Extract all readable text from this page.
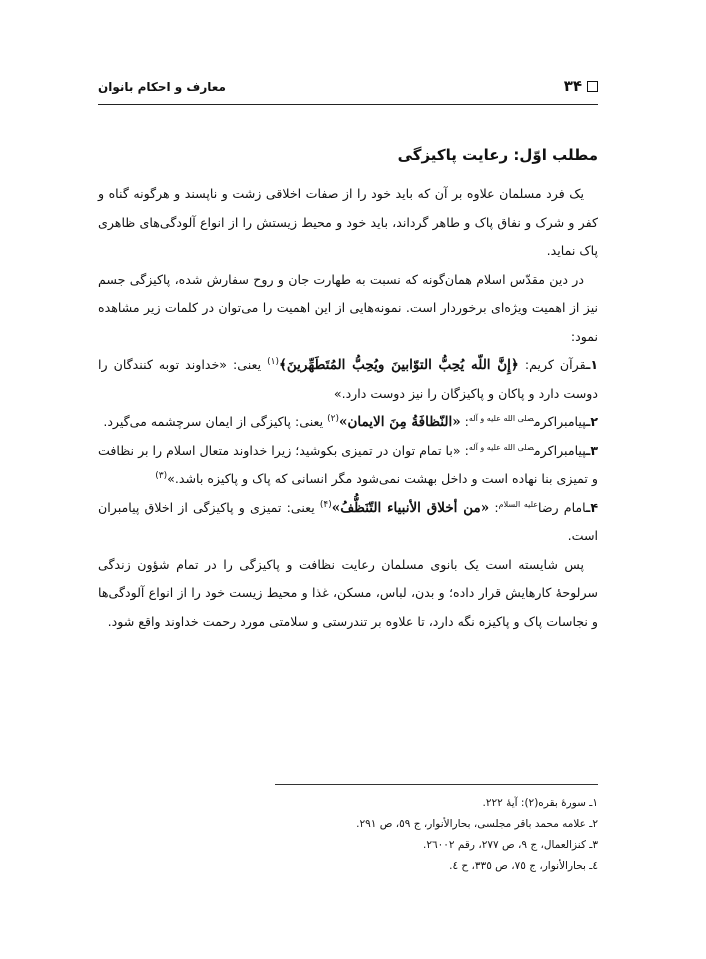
۳۴
معارف و احکام بانوان
مطلب اوّل: رعایت پاکیزگی

یک فرد مسلمان علاوه بر آن که باید خود را از صفات اخلاقی زشت و ناپسند و هرگونه گناه و کفر و شرک و نفاق پاک و طاهر گرداند، باید خود و محیط زیستش را از انواع آلودگی‌های ظاهری پاک نماید.

در دین مقدّس اسلام همان‌گونه که نسبت به طهارت جان و روح سفارش شده، پاکیزگی جسم نیز از اهمیت ویژه‌ای برخوردار است. نمونه‌هایی از این اهمیت را می‌توان در کلمات زیر مشاهده نمود:

۱ـقرآن کریم: ﴿إِنَّ اللّه یُحِبُّ التوّابینَ ویُحِبُّ المُتَطَهِّرینَ﴾$^{(۱)}$ یعنی: «خداوند توبه کنندگان را دوست دارد و پاکان و پاکیزگان را نیز دوست دارد.»

۲ـپیامبراکرم$^{صلی الله علیه و آله}$: «النّظافَةُ مِنَ الایمان»$^{(۲)}$ یعنی: پاکیزگی از ایمان سرچشمه می‌گیرد.

۳ـپیامبراکرم$^{صلی الله علیه و آله}$: «با تمام توان در تمیزی بکوشید؛ زیرا خداوند متعال اسلام را بر نظافت و تمیزی بنا نهاده است و داخل بهشت نمی‌شود مگر انسانی که پاک و پاکیزه باشد.»$^{(۳)}$

۴ـامام رضا$^{علیه السلام}$: «من أخلاق الأنبیاء التّنَظُّفُ»$^{(۴)}$ یعنی: تمیزی و پاکیزگی از اخلاق پیامبران است.

پس شایسته است یک بانوی مسلمان رعایت نظافت و پاکیزگی را در تمام شؤون زندگی سرلوحهٔ کارهایش قرار داده؛ و بدن، لباس، مسکن، غذا و محیط زیست خود را از انواع آلودگی‌ها و نجاسات پاک و پاکیزه نگه دارد، تا علاوه بر تندرستی و سلامتی مورد رحمت خداوند واقع شود.

١ـ سورهٔ بقره(٢): آیهٔ ٢٢٢.

٢ـ علامه محمد باقر مجلسی، بحارالأنوار، ج ٥٩، ص ٢٩١.

٣ـ کنزالعمال، ج ٩، ص ٢٧٧، رقم ٢٦٠٠٢.

٤ـ بحارالأنوار، ج ٧٥، ص ٣٣٥، ح ٤.
